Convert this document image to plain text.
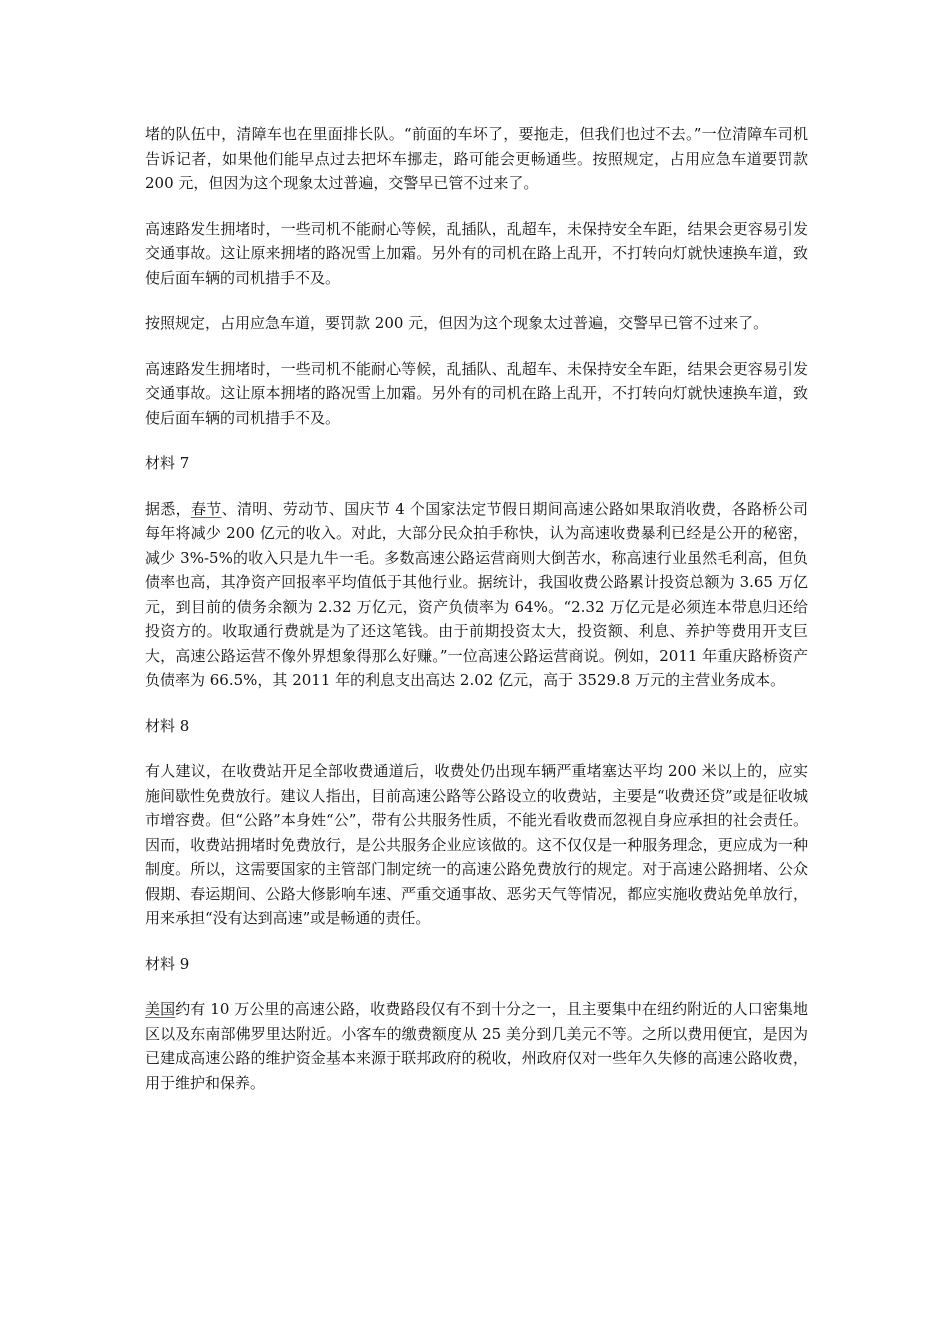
堵的队伍中，清障车也在里面排长队。“前面的车坏了，要拖走，但我们也过不去。”一位清障车司机告诉记者，如果他们能早点过去把坏车挪走，路可能会更畅通些。按照规定，占用应急车道要罚款 200 元，但因为这个现象太过普遍，交警早已管不过来了。

高速路发生拥堵时，一些司机不能耐心等候，乱插队，乱超车，未保持安全车距，结果会更容易引发交通事故。这让原来拥堵的路况雪上加霜。另外有的司机在路上乱开，不打转向灯就快速换车道，致使后面车辆的司机措手不及。

按照规定，占用应急车道，要罚款 200 元，但因为这个现象太过普遍，交警早已管不过来了。

高速路发生拥堵时，一些司机不能耐心等候，乱插队、乱超车、未保持安全车距，结果会更容易引发交通事故。这让原本拥堵的路况雪上加霜。另外有的司机在路上乱开，不打转向灯就快速换车道，致使后面车辆的司机措手不及。

材料 7

据悉，春节、清明、劳动节、国庆节 4 个国家法定节假日期间高速公路如果取消收费，各路桥公司每年将减少 200 亿元的收入。对此，大部分民众拍手称快，认为高速收费暴利已经是公开的秘密，减少 3%-5%的收入只是九牛一毛。多数高速公路运营商则大倒苦水，称高速行业虽然毛利高，但负债率也高，其净资产回报率平均值低于其他行业。据统计，我国收费公路累计投资总额为 3.65 万亿元，到目前的债务余额为 2.32 万亿元，资产负债率为 64%。“2.32 万亿元是必须连本带息归还给投资方的。收取通行费就是为了还这笔钱。由于前期投资太大，投资额、利息、养护等费用开支巨大，高速公路运营不像外界想象得那么好赚。”一位高速公路运营商说。例如，2011 年重庆路桥资产负债率为 66.5%，其 2011 年的利息支出高达 2.02 亿元，高于 3529.8 万元的主营业务成本。

材料 8

有人建议，在收费站开足全部收费通道后，收费处仍出现车辆严重堵塞达平均 200 米以上的，应实施间歇性免费放行。建议人指出，目前高速公路等公路设立的收费站，主要是“收费还贷”或是征收城市增容费。但“公路”本身姓“公”，带有公共服务性质，不能光看收费而忽视自身应承担的社会责任。因而，收费站拥堵时免费放行，是公共服务企业应该做的。这不仅仅是一种服务理念，更应成为一种制度。所以，这需要国家的主管部门制定统一的高速公路免费放行的规定。对于高速公路拥堵、公众假期、春运期间、公路大修影响车速、严重交通事故、恶劣天气等情况，都应实施收费站免单放行，用来承担“没有达到高速”或是畅通的责任。

材料 9

美国约有 10 万公里的高速公路，收费路段仅有不到十分之一，且主要集中在纽约附近的人口密集地区以及东南部佛罗里达附近。小客车的缴费额度从 25 美分到几美元不等。之所以费用便宜，是因为已建成高速公路的维护资金基本来源于联邦政府的税收，州政府仅对一些年久失修的高速公路收费，用于维护和保养。
